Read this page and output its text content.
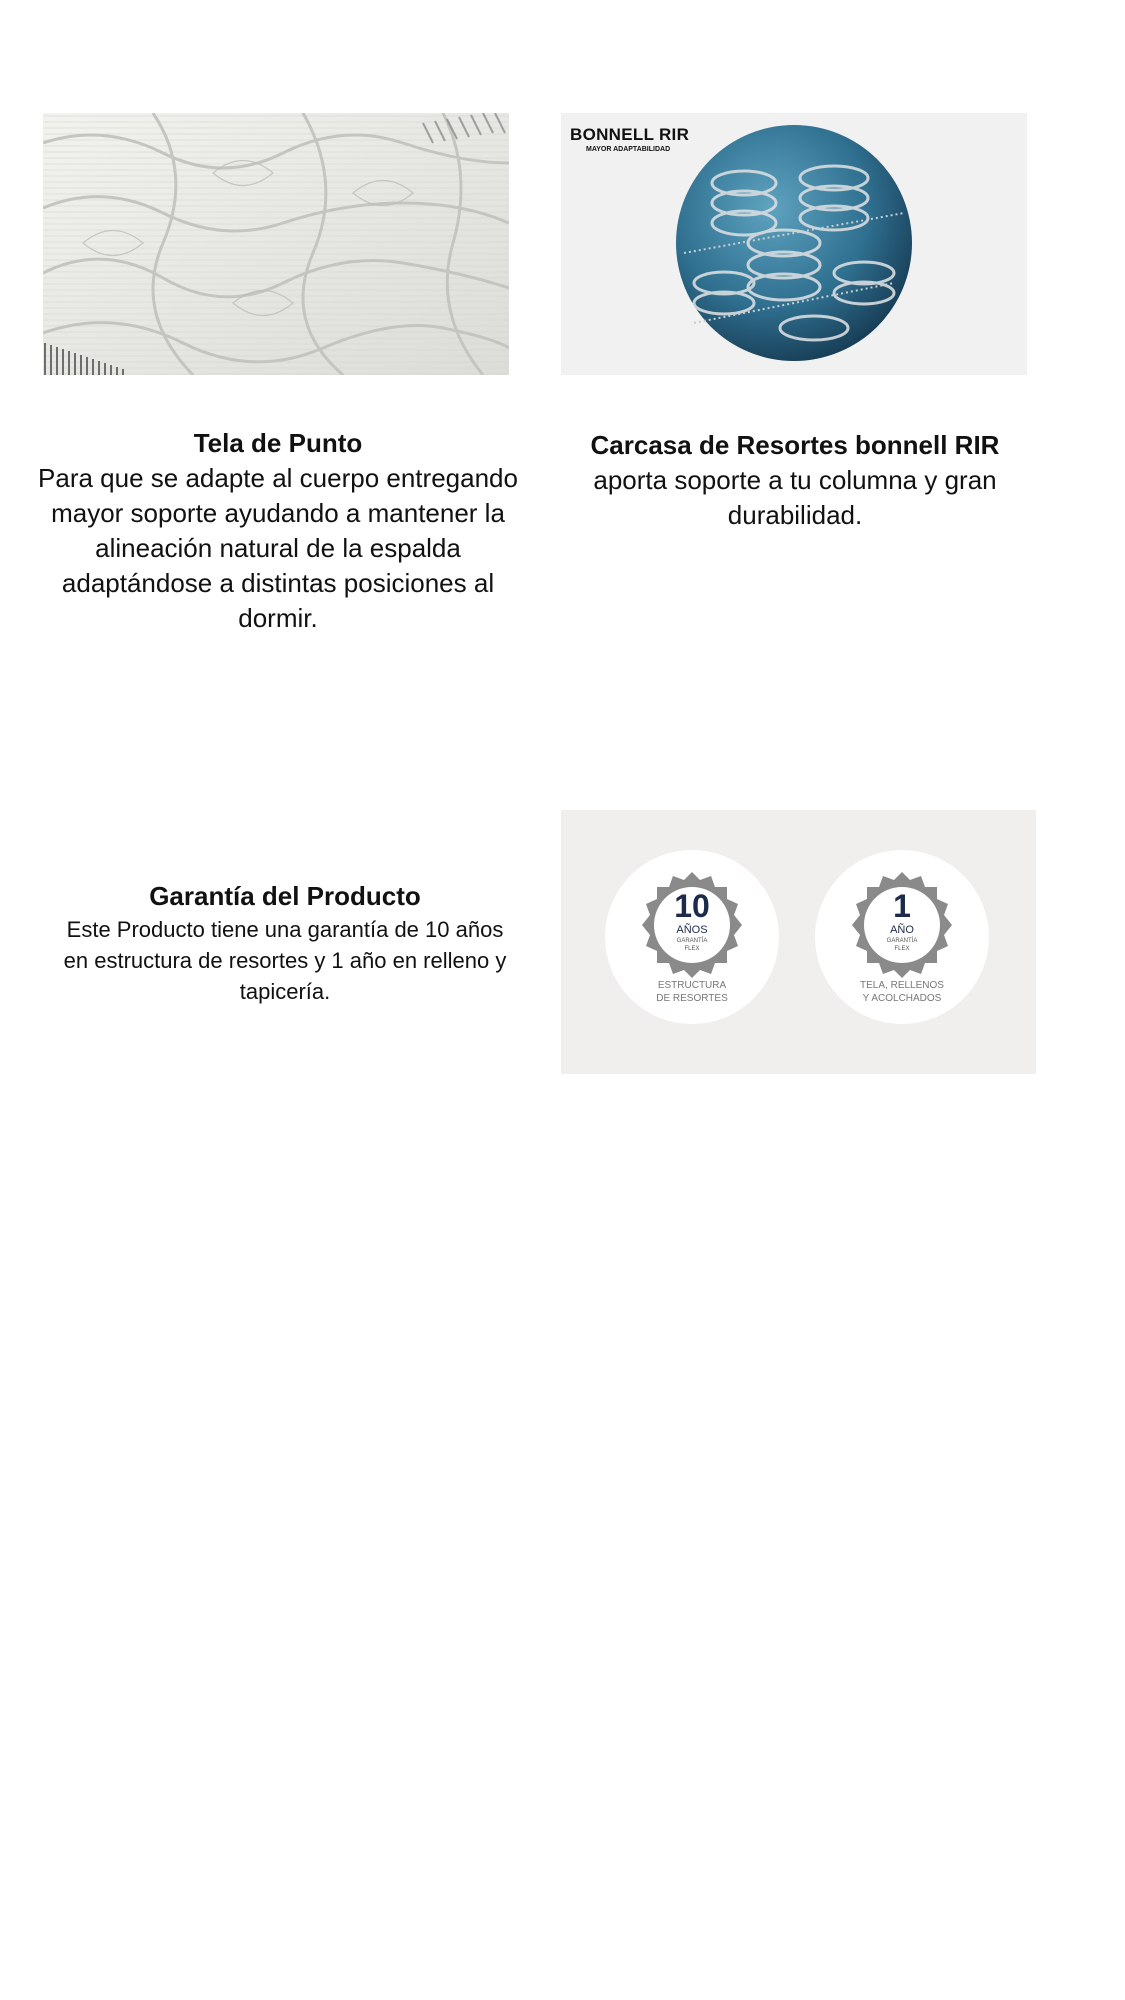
BONNELL RIR
MAYOR ADAPTABILIDAD
Tela de Punto
Para que se adapte al cuerpo entregando mayor soporte ayudando a mantener la alineación natural de la espalda adaptándose a distintas posiciones al dormir.
Carcasa de Resortes bonnell RIR
aporta soporte a tu columna y gran durabilidad.
Garantía del Producto
Este Producto tiene una garantía de 10 años en estructura de resortes y 1 año en relleno y tapicería.
10
AÑOS
GARANTÍA
FLEX
ESTRUCTURA
DE RESORTES
1
AÑO
GARANTÍA
FLEX
TELA, RELLENOS
Y ACOLCHADOS
